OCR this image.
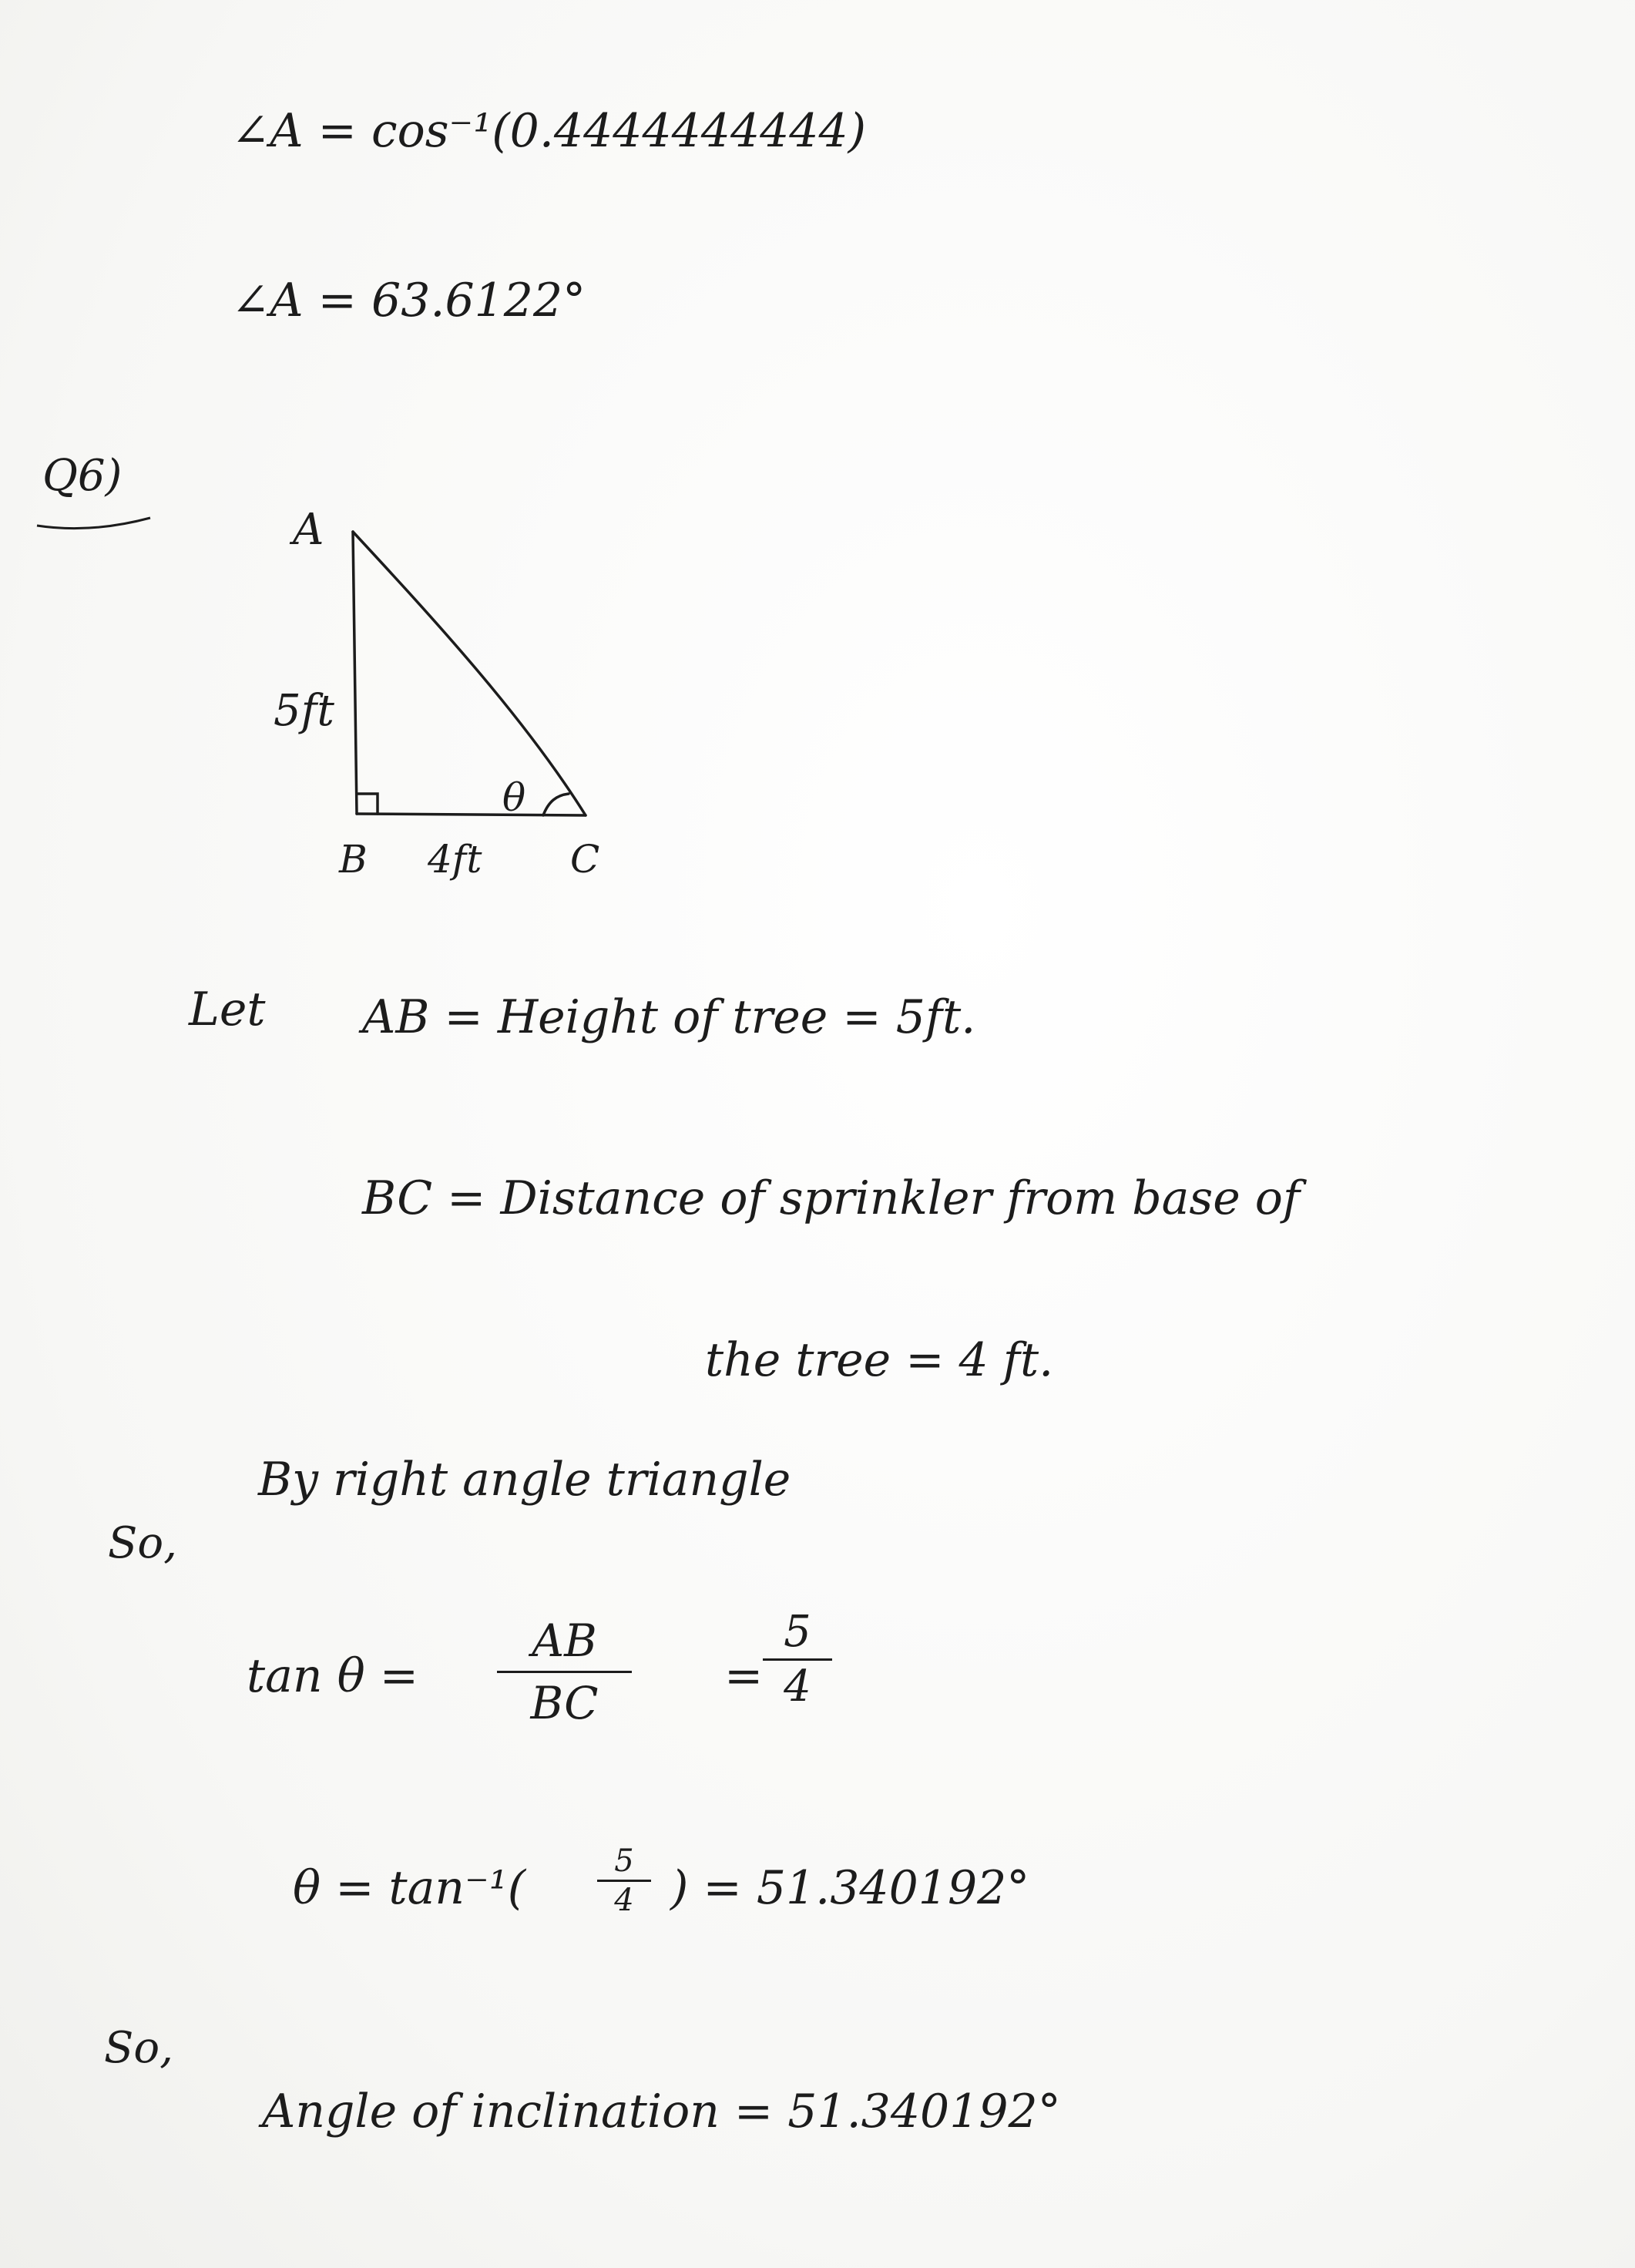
∠A = cos⁻¹(0.4444444444)
∠A = 63.6122°
Q6)
A
5ft
θ
B 4ft C
Let AB = Height of tree = 5ft.
BC = Distance of sprinkler from base of
the tree = 4 ft.
So,
By right angle triangle
tan θ =
AB
BC	=
5
4
θ = tan⁻¹(	5
4 ) = 51.340192°
So,
Angle of inclination = 51.340192°
